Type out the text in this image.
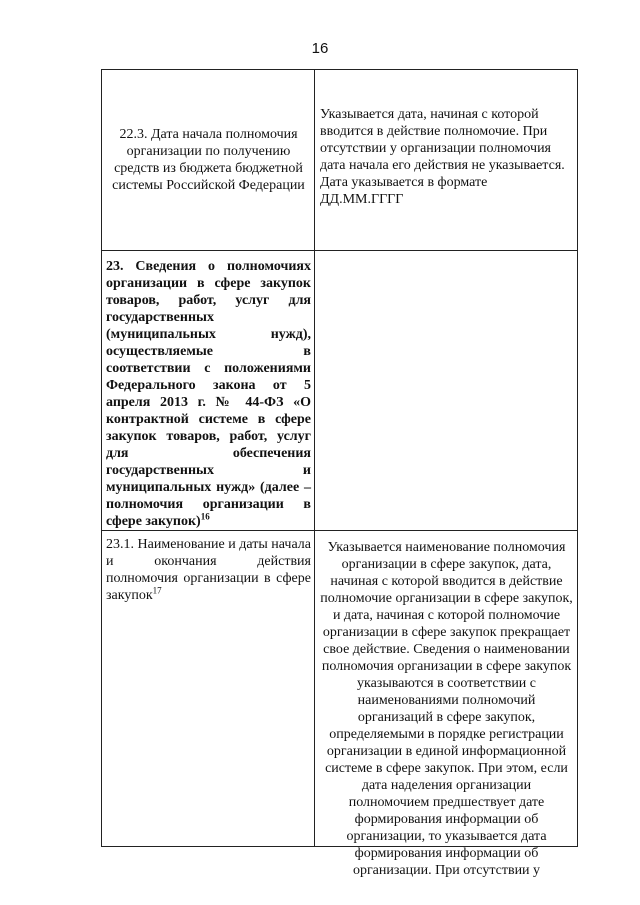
16
22.3. Дата начала полномочия организации по получению средств из бюджета бюджетной системы Российской Федерации	Указывается дата, начиная с которой вводится в действие полномочие. При отсутствии у организации полномочия дата начала его действия не указывается. Дата указывается в формате ДД.ММ.ГГГГ

23. Сведения о полномочиях организации в сфере закупок товаров, работ, услуг для государственных (муниципальных нужд), осуществляемые в соответствии с положениями Федерального закона от 5 апреля 2013 г. № 44-ФЗ «О контрактной системе в сфере закупок товаров, работ, услуг для обеспечения государственных и муниципальных нужд» (далее – полномочия организации в сфере закупок)$^{16}$

23.1. Наименование и даты начала и окончания действия полномочия организации в сфере закупок$^{17}$	Указывается наименование полномочия организации в сфере закупок, дата, начиная с которой вводится в действие полномочие организации в сфере закупок, и дата, начиная с которой полномочие организации в сфере закупок прекращает свое действие. Сведения о наименовании полномочия организации в сфере закупок указываются в соответствии с наименованиями полномочий организаций в сфере закупок, определяемыми в порядке регистрации организации в единой информационной системе в сфере закупок. При этом, если дата наделения организации полномочием предшествует дате формирования информации об организации, то указывается дата формирования информации об организации. При отсутствии у
